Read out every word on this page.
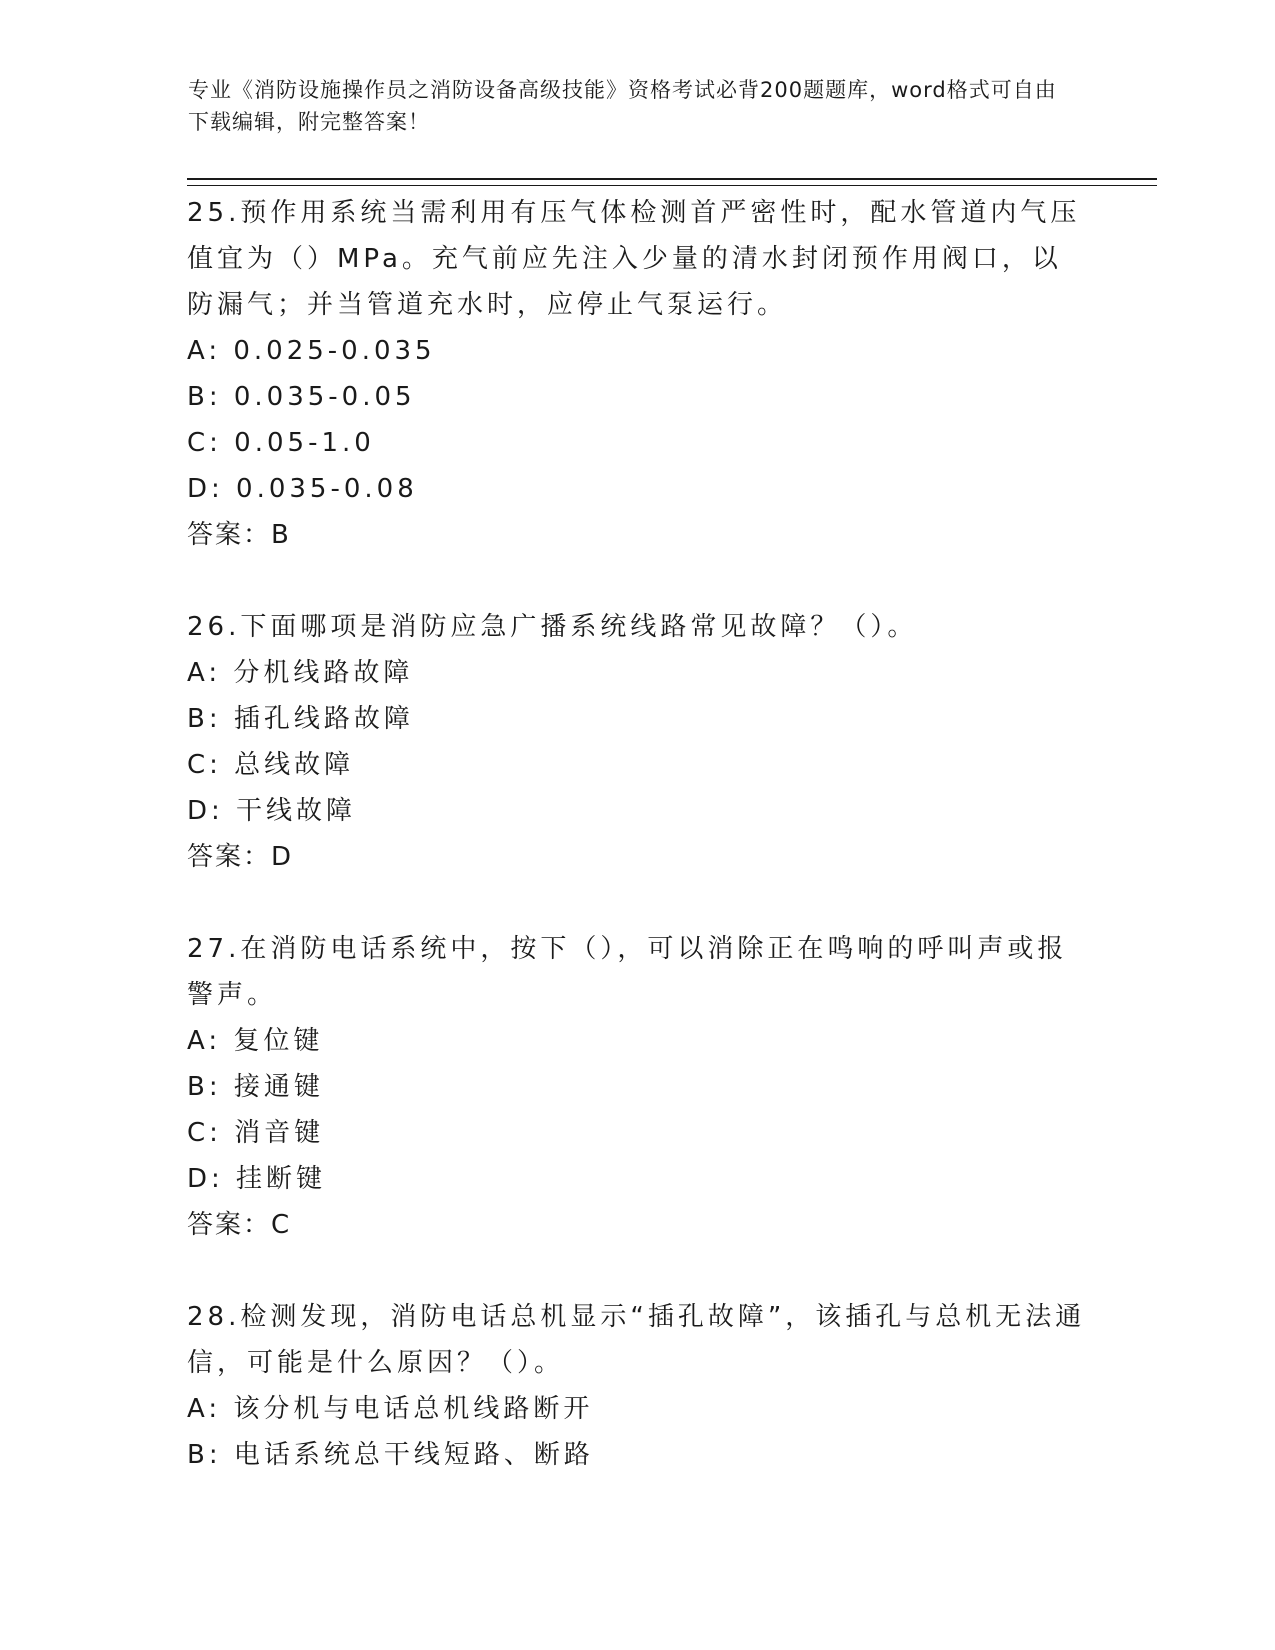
专业《消防设施操作员之消防设备高级技能》资格考试必背200题题库，word格式可自由下载编辑，附完整答案！

25.预作用系统当需利用有压气体检测首严密性时，配水管道内气压值宜为（）MPa。充气前应先注入少量的清水封闭预作用阀口，以防漏气；并当管道充水时，应停止气泵运行。

A: 0.025-0.035

B: 0.035-0.05

C: 0.05-1.0

D: 0.035-0.08

答案：B

26.下面哪项是消防应急广播系统线路常见故障？（）。

A: 分机线路故障

B: 插孔线路故障

C: 总线故障

D: 干线故障

答案：D

27.在消防电话系统中，按下（），可以消除正在鸣响的呼叫声或报警声。

A: 复位键

B: 接通键

C: 消音键

D: 挂断键

答案：C

28.检测发现，消防电话总机显示“插孔故障”，该插孔与总机无法通信，可能是什么原因？（）。

A: 该分机与电话总机线路断开

B: 电话系统总干线短路、断路
